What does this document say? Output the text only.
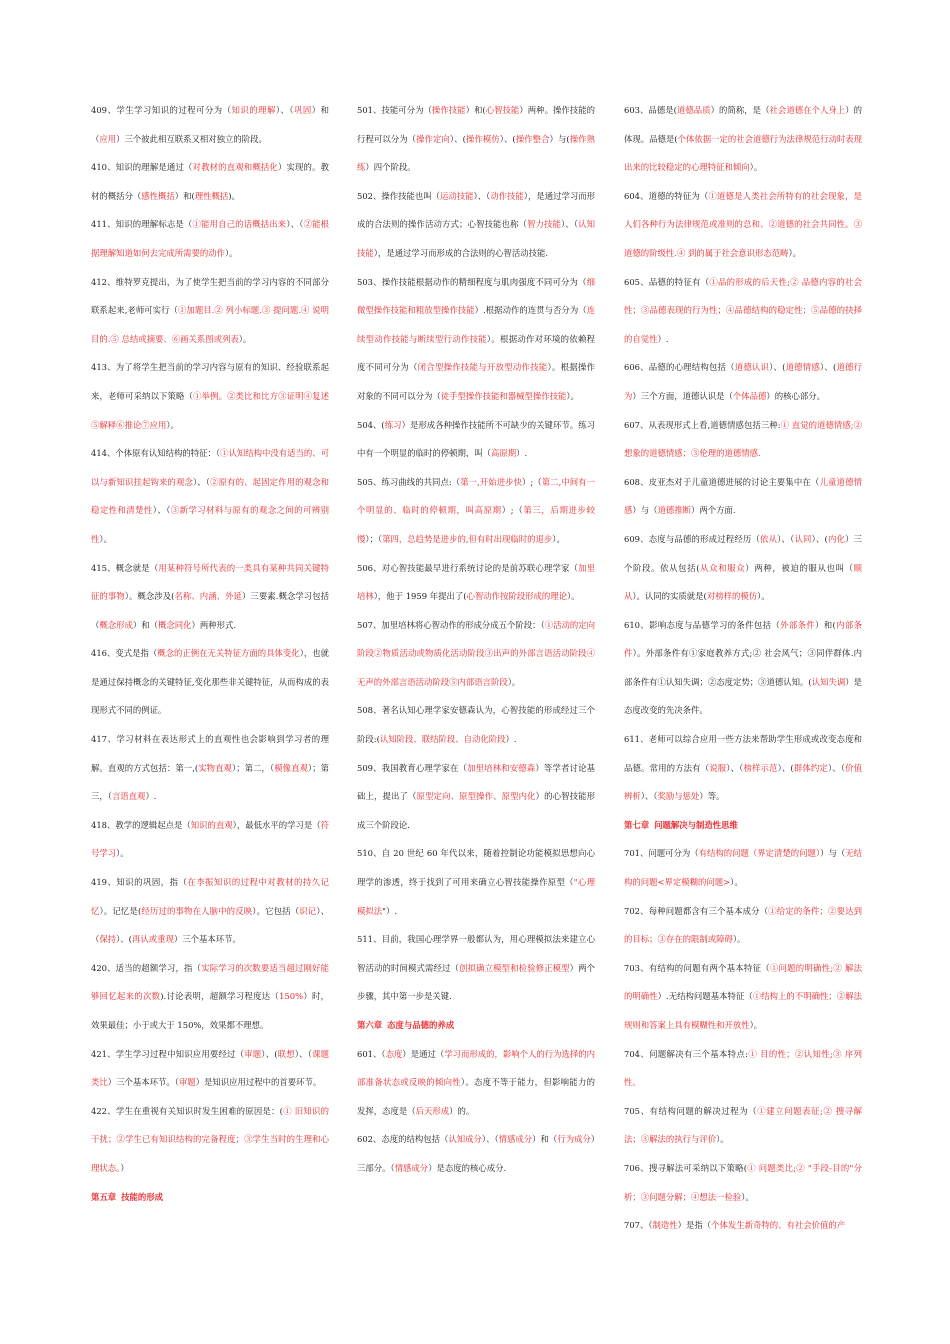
409、学生学习知识的过程可分为（知识的理解）、（巩固）和（应用）三个彼此相互联系又相对独立的阶段。

410、知识的理解是通过（对教材的直观和概括化）实现的。教材的概括分（感性概括）和(理性概括)。

411、知识的理解标志是（①能用自己的话概括出来）、（②能根据理解知道如何去完成所需要的动作）。

412、维特罗克提出，为了使学生把当前的学习内容的不同部分联系起来,老师可实行（①加题目.② 列小标题.③ 提问题.④ 说明目的.⑤ 总结或摘要、⑥画关系图或列表）。

413、为了将学生把当前的学习内容与原有的知识、经验联系起来，老师可采纳以下策略（①举例。②类比和比方③证明④复述⑤解释⑥推论⑦应用）。

414、个体原有认知结构的特征：（①认知结构中没有适当的、可以与新知识挂起钩来的观念）、（②原有的、起固定作用的观念和稳定性和清楚性）、（③新学习材料与原有的观念之间的可辨别性）。

415、概念就是（用某种符号所代表的一类具有某种共同关键特征的事物）。概念涉及(名称、内涵、外延）三要素.概念学习包括（概念形成）和（概念同化）两种形式.

416、变式是指（概念的正例在无关特征方面的具体变化），也就是通过保持概念的关键特征,变化那些非关键特征，从而构成的表现形式不同的例证。

417、学习材料在表达形式上的直观性也会影响到学习者的理解。直观的方式包括：第一,(实物直观）；第二，（模像直观）；第三，（言语直观）.

418、教学的逻辑起点是（知识的直观），最低水平的学习是（符号学习）。

419、知识的巩固，指（在李振知识的过程中对教材的持久记忆）。记忆是(经历过的事物在人脑中的反映）。它包括（识记）、（保持）、(再认或重现）三个基本环节。

420、适当的超额学习，指（实际学习的次数要适当超过刚好能够回忆起来的次数).讨论表明，超额学习程度达（150%）时，效果最佳；小于或大于 150%，效果都不理想。

421、学生学习过程中知识应用要经过（审题）、(联想）、（课题类比）三个基本环节。（审题）是知识应用过程中的首要环节。

422、学生在重视有关知识时发生困难的原因是：(① 旧知识的干扰；②学生已有知识结构的完备程度；③学生当时的生理和心理状态。）

第五章 技能的形成

501、技能可分为（操作技能）和(心智技能）两种。操作技能的行程可以分为（操作定向）、(操作模仿）、(操作整合）与(操作熟练）四个阶段。

502、操作技能也叫（运动技能）、（动作技能），是通过学习而形成的合法则的操作活动方式；心智技能也称（智力技能）、（认知技能），是通过学习而形成的合法则的心智活动技能.

503、操作技能根据动作的精细程度与肌肉强度不同可分为（细微型操作技能和粗放型操作技能）.根据动作的连贯与否分为（连续型动作技能与断续型行动作技能）。根据动作对环境的依赖程度不同可分为（闭合型操作技能与开放型动作技能）。根据操作对象的不同可以分为（徒手型操作技能和器械型操作技能）。

504、(练习）是形成各种操作技能所不可缺少的关键环节。练习中有一个明显的临时的停顿期，叫（高原期）.

505、练习曲线的共同点:（第一,开始进步快）;（第二,中间有一个明显的、临时的停顿期，叫高原期）;（第三，后期进步较慢）；（第四，总趋势是进步的,但有时出现临时的退步）。

506、对心智技能最早进行系统讨论的是前苏联心理学家（加里培林），他于 1959 年提出了(心智动作按阶段形成的理论）。

507、加里培林将心智动作的形成分成五个阶段：（①活动的定向阶段②物质活动或物质化活动阶段③出声的外部言语活动阶段④无声的外部言语活动阶段⑤内部语言阶段）。

508、著名认知心理学家安德森认为，心智技能的形成经过三个阶段:(认知阶段、联结阶段、自动化阶段）.

509、我国教育心理学家在（加里培林和安德森）等学者讨论基础上，提出了（原型定向、原型操作、原型内化）的心智技能形成三个阶段论.

510、自 20 世纪 60 年代以来，随着控制论功能模拟思想向心理学的渗透，终于找到了可用来确立心智技能操作原型（"心理模拟法"）.

511、目前，我国心理学界一般都认为，用心理模拟法来建立心智活动的时间模式需经过（创拟确立模型和检验修正模型）两个步骤，其中第一步是关键.

第六章 态度与品德的养成

601、（态度）是通过（学习而形成的，影响个人的行为选择的内部准备状态或反映的倾向性）。态度不等于能力，但影响能力的发挥，态度是（后天形成）的。

602、态度的结构包括（认知成分）、（情感成分）和（行为成分）三部分。（情感成分）是态度的核心成分.

603、品德是(道德品质）的简称，是（社会道德在个人身上）的体现。品德是(个体依据一定的社会道德行为法律规范行动时表现出来的比较稳定的心理特征和倾向）。

604、道德的特征为（①道德是人类社会所特有的社会现象，是人们各种行为法律规范或准则的总和、②道德的社会共同性。③道德的阶级性.④ 到的属于社会意识形态范畴）。

605、品德的特征有（①品的形成的后天性;② 品德内容的社会性；③品德表现的行为性；④品德结构的稳定性；⑤品德的抉择的自觉性）.

606、品德的心理结构包括（道德认识）、(道德情感）、(道德行为）三个方面，道德认识是（个体品德）的核心部分。

607、从表现形式上看,道德情感包括三种:① 直觉的道德情感;②想象的道德情感；③伦理的道德情感.

608、皮亚杰对于儿童道德进展的讨论主要集中在（儿童道德情感）与（道德推断）两个方面.

609、态度与品德的形成过程经历（依从）、（认同）、(内化）三个阶段。依从包括(从众和服众）两种，被迫的服从也叫（顺从）。认同的实质就是(对榜样的模仿）。

610、影响态度与品德学习的条件包括（外部条件）和(内部条件）。外部条件有①家庭教养方式;② 社会风气；③同伴群体.内部条件有①认知失调；②态度定势；③道德认知。(认知失调）是态度改变的先决条件。

611、老师可以综合应用一些方法来帮助学生形成或改变态度和品德。常用的方法有（说服）、（榜样示范）、(群体约定）、（价值辨析）、（奖励与惩处）等。

第七章 问题解决与制造性思维

701、问题可分为（有结构的问题（界定清楚的问题））与（无结构的问题<界定模糊的问题>）。

702、每种问题都含有三个基本成分（①给定的条件；②要达到的目标；③存在的限制或障碍）。

703、有结构的问题有两个基本特征（①问题的明确性;② 解法的明确性）.无结构问题基本特征（①结构上的不明确性；②解法规则和答案上具有模糊性和开放性）。

704、问题解决有三个基本特点:① 目的性；②认知性;③ 序列性。

705、有结构问题的解决过程为（①建立问题表征;② 搜寻解法；③解法的执行与评价）。

706、搜寻解法可采纳以下策略(① 问题类比;② "手段-目的"分析；③问题分解；④想法一检验）。

707、（制造性）是指（个体发生新奇特的、有社会价值的产
